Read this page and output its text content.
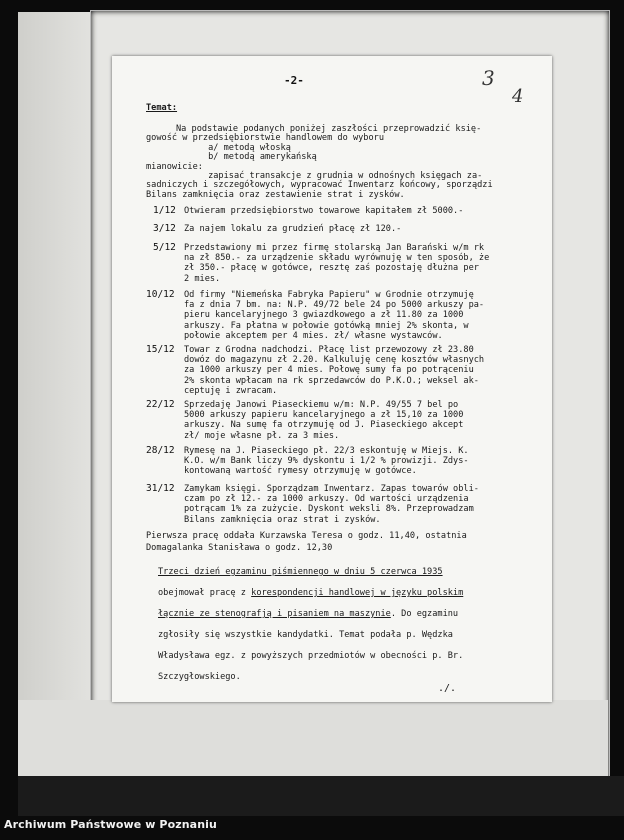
-2-	3
4
Temat:
Na podstawie podanych poniżej zaszłości przeprowadzić księ-
gowość w przedsiębiorstwie handlowem do wyboru
a/ metodą włoską
b/ metodą amerykańską
mianowicie:
zapisać transakcje z grudnia w odnośnych księgach za-
sadniczych i szczegółowych, wypracować Inwentarz końcowy, sporządzi
Bilans zamknięcia oraz zestawienie strat i zysków.
1/12 Otwieram przedsiębiorstwo towarowe kapitałem zł 5000.-
3/12 Za najem lokalu za grudzień płacę zł 120.-
5/12 Przedstawiony mi przez firmę stolarską Jan Barański w/m rk
na zł 850.- za urządzenie składu wyrównuję w ten sposób, że
zł 350.- płacę w gotówce, resztę zaś pozostaję dłużna per
2 mies.
10/12 Od firmy "Niemeńska Fabryka Papieru" w Grodnie otrzymuję
fa z dnia 7 bm. na: N.P. 49/72 bele 24 po 5000 arkuszy pa-
pieru kancelaryjnego 3 gwiazdkowego a zł 11.80 za 1000
arkuszy. Fa płatna w połowie gotówką mniej 2% skonta, w
połowie akceptem per 4 mies. zł/ własne wystawców.
15/12 Towar z Grodna nadchodzi. Płacę list przewozowy zł 23.80
dowóz do magazynu zł 2.20. Kalkuluję cenę kosztów własnych
za 1000 arkuszy per 4 mies. Połowę sumy fa po potrąceniu
2% skonta wpłacam na rk sprzedawców do P.K.O.; weksel ak-
ceptuję i zwracam.
22/12 Sprzedaję Janowi Piaseckiemu w/m: N.P. 49/55 7 bel po
5000 arkuszy papieru kancelaryjnego a zł 15,10 za 1000
arkuszy. Na sumę fa otrzymuję od J. Piaseckiego akcept
zł/ moje własne pł. za 3 mies.
28/12 Rymesę na J. Piaseckiego pł. 22/3 eskontuję w Miejs. K.
K.O. w/m Bank liczy 9% dyskontu i 1/2 % prowizji. Zdys-
kontowaną wartość rymesy otrzymuję w gotówce.
31/12 Zamykam księgi. Sporządzam Inwentarz. Zapas towarów obli-
czam po zł 12.- za 1000 arkuszy. Od wartości urządzenia
potrącam 1% za zużycie. Dyskont weksli 8%. Przeprowadzam
Bilans zamknięcia oraz strat i zysków.
Pierwsza pracę oddała Kurzawska Teresa o godz. 11,40, ostatnia
Domagalanka Stanisława o godz. 12,30
Trzeci dzień egzaminu piśmiennego w dniu 5 czerwca 1935
obejmował pracę z korespondencji handlowej w języku polskim
łącznie ze stenografją i pisaniem na maszynie. Do egzaminu
zgłosiły się wszystkie kandydatki. Temat podała p. Wędzka
Władysława egz. z powyższych przedmiotów w obecności p. Br.
Szczygłowskiego.
./.
Archiwum Państwowe w Poznaniu
